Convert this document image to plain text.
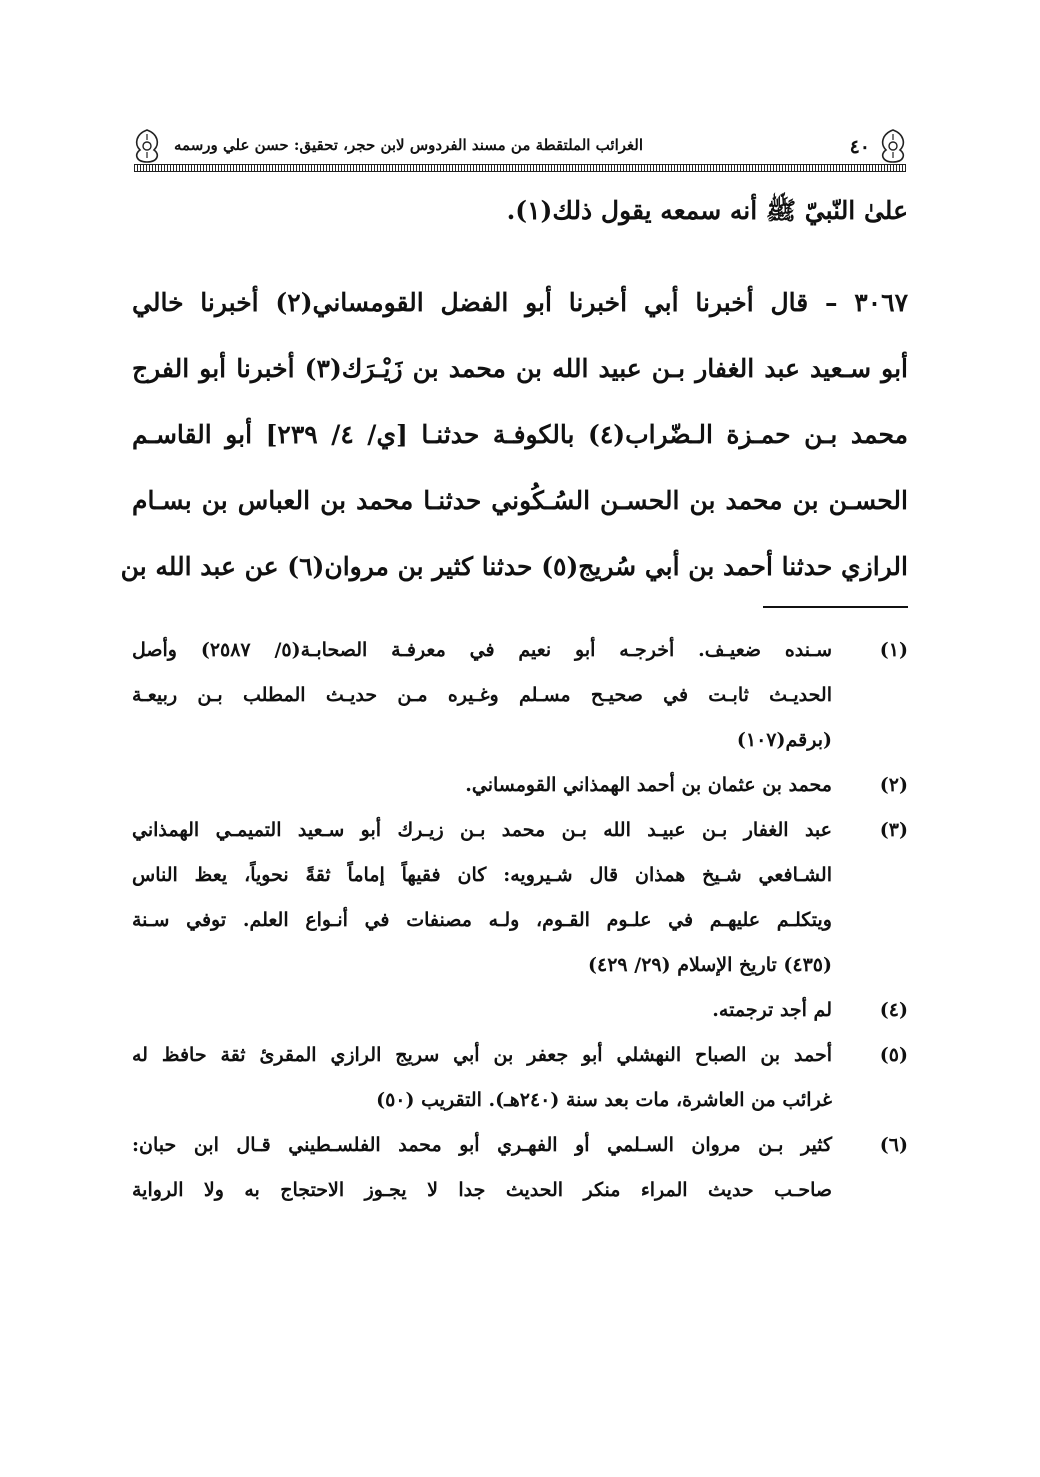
الغرائب الملتقطة من مسند الفردوس لابن حجر، تحقيق: حسن علي ورسمه	٤٠
علىٰ النّبيّ ﷺ أنه سمعه يقول ذلك(١).
٣٠٦٧ – قال أخبرنا أبي أخبرنا أبو الفضل القومساني(٢) أخبرنا خالي
أبو سـعيد عبد الغفار بـن عبيد الله بن محمد بن زَيْـرَك(٣) أخبرنا أبو الفرج
محمد بـن حمـزة الـضّراب(٤) بالكوفـة حدثنـا [ي/ ٤/ ٢٣٩] أبو القاسـم
الحسـن بن محمد بن الحسـن السُـكُوني حدثنـا محمد بن العباس بن بسـام
الرازي حدثنا أحمد بن أبي سُريج(٥) حدثنا كثير بن مروان(٦) عن عبد الله بن
(١)
سـنده ضعيـف. أخرجـه أبو نعيم في معرفـة الصحابـة(٥/ ٢٥٨٧) وأصل
الحديـث ثابـت في صحيـح مسـلم وغـيره مـن حديـث المطلب بـن ربيعـة
(برقم(١٠٧)
(٢)
محمد بن عثمان بن أحمد الهمذاني القومساني.
(٣)
عبد الغفار بـن عبيـد الله بـن محمد بـن زيـرك أبو سـعيد التميمـي الهمذاني
الشـافعي شـيخ همذان قال شـيرويه: كان فقيهاً إماماً ثقةً نحوياً، يعظ الناس
ويتكلـم عليهـم في علـوم القـوم، ولـه مصنفات في أنـواع العلم. توفي سـنة
(٤٣٥) تاريخ الإسلام (٢٩/ ٤٢٩)
(٤)
لم أجد ترجمته.
(٥)
أحمد بن الصباح النهشلي أبو جعفر بن أبي سريج الرازي المقرئ ثقة حافظ له
غرائب من العاشرة، مات بعد سنة (٢٤٠هـ). التقريب (٥٠)
(٦)
كثير بـن مروان السـلمي أو الفهـري أبو محمد الفلسـطيني قـال ابن حبان:
صاحـب حديث المراء منكر الحديث جدا لا يجـوز الاحتجاج به ولا الرواية
